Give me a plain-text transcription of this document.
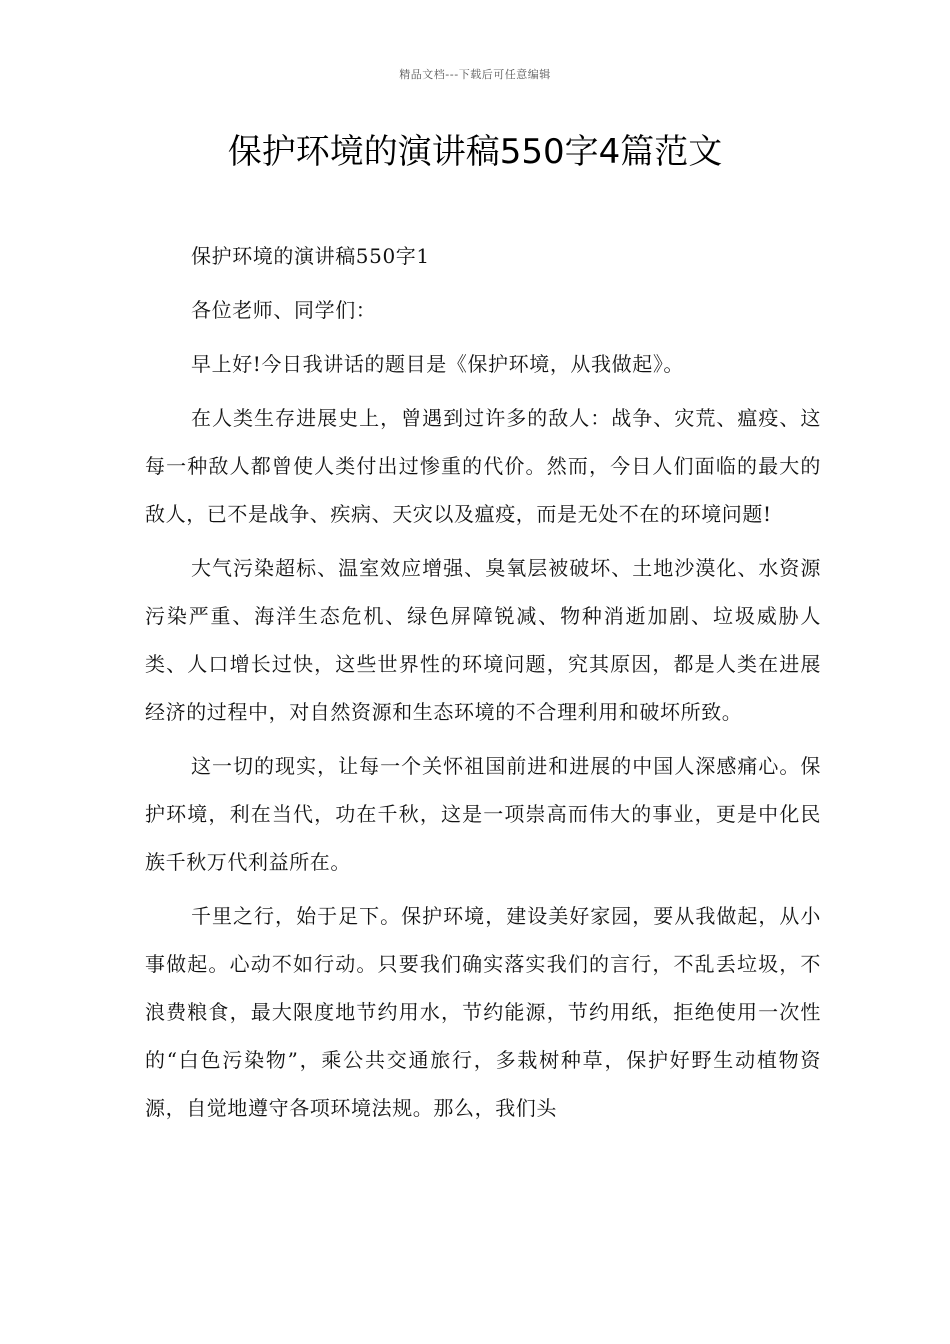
精品文档---下载后可任意编辑
保护环境的演讲稿550字4篇范文

保护环境的演讲稿550字1

各位老师、同学们：

早上好!今日我讲话的题目是《保护环境，从我做起》。

在人类生存进展史上，曾遇到过许多的敌人：战争、灾荒、瘟疫、这每一种敌人都曾使人类付出过惨重的代价。然而，今日人们面临的最大的敌人，已不是战争、疾病、天灾以及瘟疫，而是无处不在的环境问题!

大气污染超标、温室效应增强、臭氧层被破坏、土地沙漠化、水资源污染严重、海洋生态危机、绿色屏障锐减、物种消逝加剧、垃圾威胁人类、人口增长过快，这些世界性的环境问题，究其原因，都是人类在进展经济的过程中，对自然资源和生态环境的不合理利用和破坏所致。

这一切的现实，让每一个关怀祖国前进和进展的中国人深感痛心。保护环境，利在当代，功在千秋，这是一项崇高而伟大的事业，更是中化民族千秋万代利益所在。

千里之行，始于足下。保护环境，建设美好家园，要从我做起，从小事做起。心动不如行动。只要我们确实落实我们的言行，不乱丢垃圾，不浪费粮食，最大限度地节约用水，节约能源，节约用纸，拒绝使用一次性的“白色污染物”，乘公共交通旅行，多栽树种草，保护好野生动植物资源，自觉地遵守各项环境法规。那么，我们头
